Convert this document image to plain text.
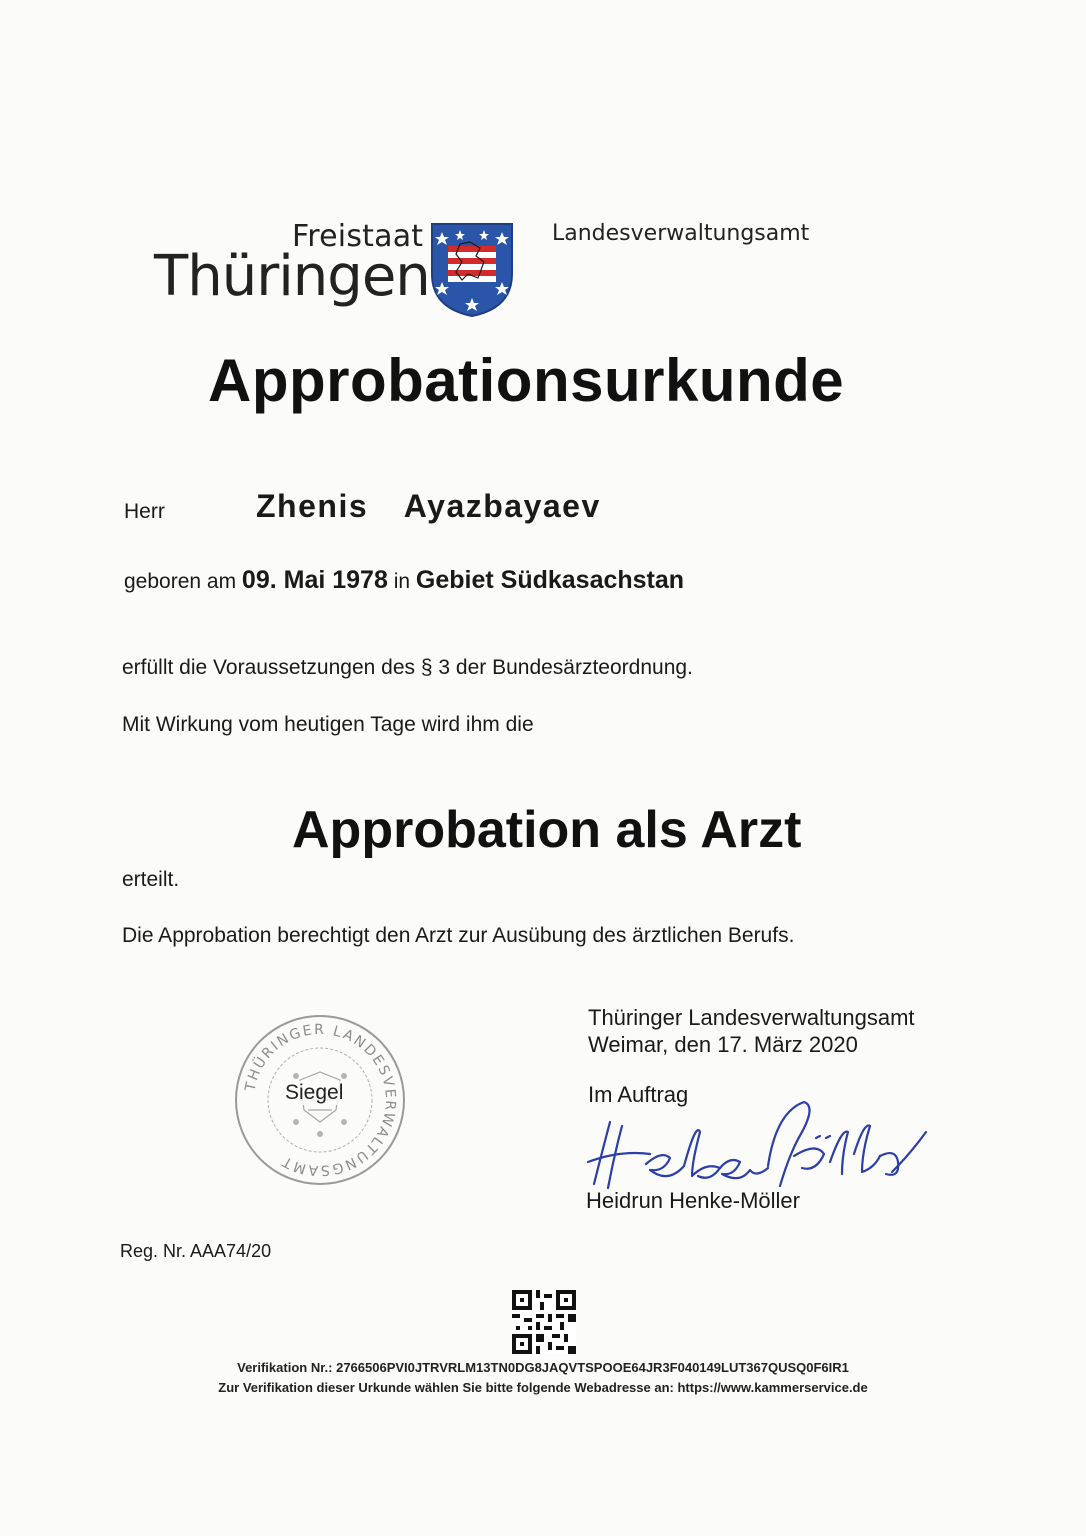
Freistaat
Thüringen
Landesverwaltungsamt
Approbationsurkunde
Herr	Zhenis  Ayazbayaev
geboren am 09. Mai 1978 in Gebiet Südkasachstan
erfüllt die Voraussetzungen des § 3 der Bundesärzteordnung.
Mit Wirkung vom heutigen Tage wird ihm die
Approbation als Arzt
erteilt.
Die Approbation berechtigt den Arzt zur Ausübung des ärztlichen Berufs.
THÜRINGER LANDESVERWALTUNGSAMT
Siegel
Thüringer Landesverwaltungsamt
Weimar, den 17. März 2020
Im Auftrag
Heidrun Henke-Möller
Reg. Nr. AAA74/20
Verifikation Nr.: 2766506PVI0JTRVRLM13TN0DG8JAQVTSPOOE64JR3F040149LUT367QUSQ0F6IR1
Zur Verifikation dieser Urkunde wählen Sie bitte folgende Webadresse an: https://www.kammerservice.de
